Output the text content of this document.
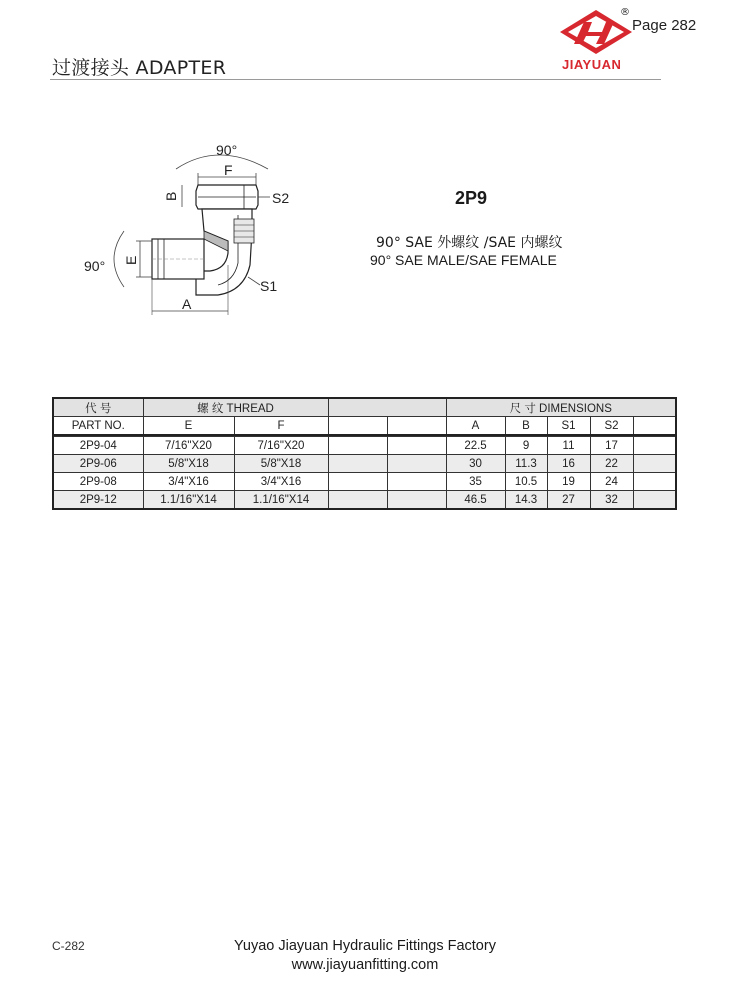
过渡接头 ADAPTER
®
Page 282
JIAYUAN
90°
F
B	S2
S1
90° E
A
2P9
90° SAE 外螺纹 /SAE 内螺纹
90° SAE MALE/SAE FEMALE
代 号	螺 纹 THREAD				尺 寸 DIMENSIONS				
PART NO.	E	F			A	B	S1	S2	

2P9-04	7/16"X20	7/16"X20			22.5	9	11	17	
2P9-06	5/8"X18	5/8"X18			30	11.3	16	22	
2P9-08	3/4"X16	3/4"X16			35	10.5	19	24	
2P9-12	1.1/16"X14	1.1/16"X14			46.5	14.3	27	32	
C-282	Yuyao Jiayuan Hydraulic Fittings Factory
www.jiayuanfitting.com
